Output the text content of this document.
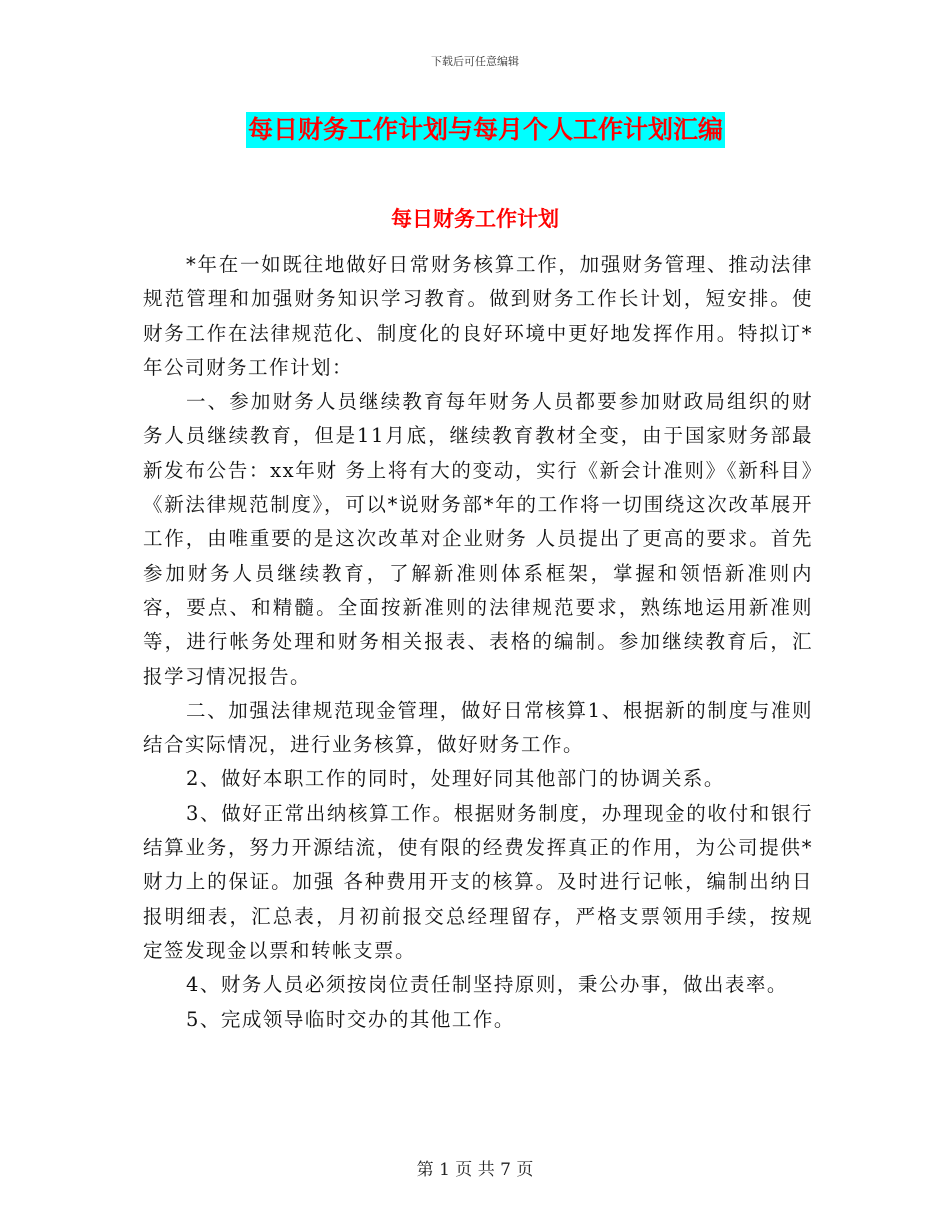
下载后可任意编辑
每日财务工作计划与每月个人工作计划汇编
每日财务工作计划

*年在一如既往地做好日常财务核算工作，加强财务管理、推动法律规范管理和加强财务知识学习教育。做到财务工作长计划，短安排。使财务工作在法律规范化、制度化的良好环境中更好地发挥作用。特拟订*年公司财务工作计划：

一、参加财务人员继续教育每年财务人员都要参加财政局组织的财务人员继续教育，但是11月底，继续教育教材全变，由于国家财务部最新发布公告：xx年财 务上将有大的变动，实行《新会计准则》《新科目》《新法律规范制度》，可以*说财务部*年的工作将一切围绕这次改革展开工作，由唯重要的是这次改革对企业财务 人员提出了更高的要求。首先参加财务人员继续教育，了解新准则体系框架，掌握和领悟新准则内容，要点、和精髓。全面按新准则的法律规范要求，熟练地运用新准则 等，进行帐务处理和财务相关报表、表格的编制。参加继续教育后，汇报学习情况报告。

二、加强法律规范现金管理，做好日常核算1、根据新的制度与准则结合实际情况，进行业务核算，做好财务工作。

2、做好本职工作的同时，处理好同其他部门的协调关系。

3、做好正常出纳核算工作。根据财务制度，办理现金的收付和银行结算业务，努力开源结流，使有限的经费发挥真正的作用，为公司提供*财力上的保证。加强 各种费用开支的核算。及时进行记帐，编制出纳日报明细表，汇总表，月初前报交总经理留存，严格支票领用手续，按规定签发现金以票和转帐支票。

4、财务人员必须按岗位责任制坚持原则，秉公办事，做出表率。

5、完成领导临时交办的其他工作。

第 1 页 共 7 页
